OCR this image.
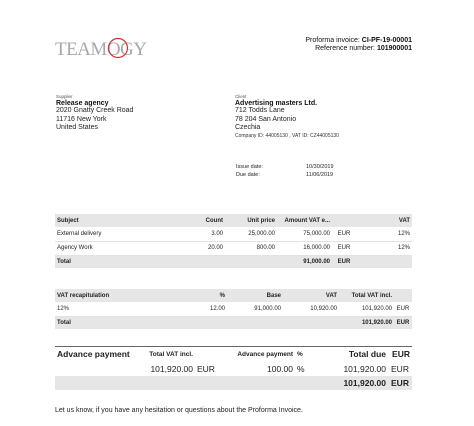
TEAMOGY	Proforma invoice: CI-PF-19-00001
Reference number: 101900001
Supplier
Release agency
2020 Gnatty Creek Road
11716 New York
United States
Client
Advertising masters Ltd.
712 Todds Lane
78 204 San Antonio
Czechia
Company ID: 44005130 , VAT ID: CZ44005130
Issue date:	10/30/2019
Due date:	11/06/2019
Subject	Count	Unit price	Amount VAT e...		VAT
External delivery	3.00	25,000.00	75,000.00	EUR	12%
Agency Work	20.00	800.00	16,000.00	EUR	12%
Total			91,000.00	EUR	
VAT recapitulation	%	Base	VAT	Total VAT incl.	
12%	12.00	91,000.00	10,920.00	101,920.00	EUR
Total				101,920.00	EUR
Advance payment	Total VAT incl.		Advance payment	%	Total due	EUR
	101,920.00	EUR	100.00	%	101,920.00	EUR
					101,920.00	EUR
Let us know, if you have any hesitation or questions about the Proforma Invoice.
